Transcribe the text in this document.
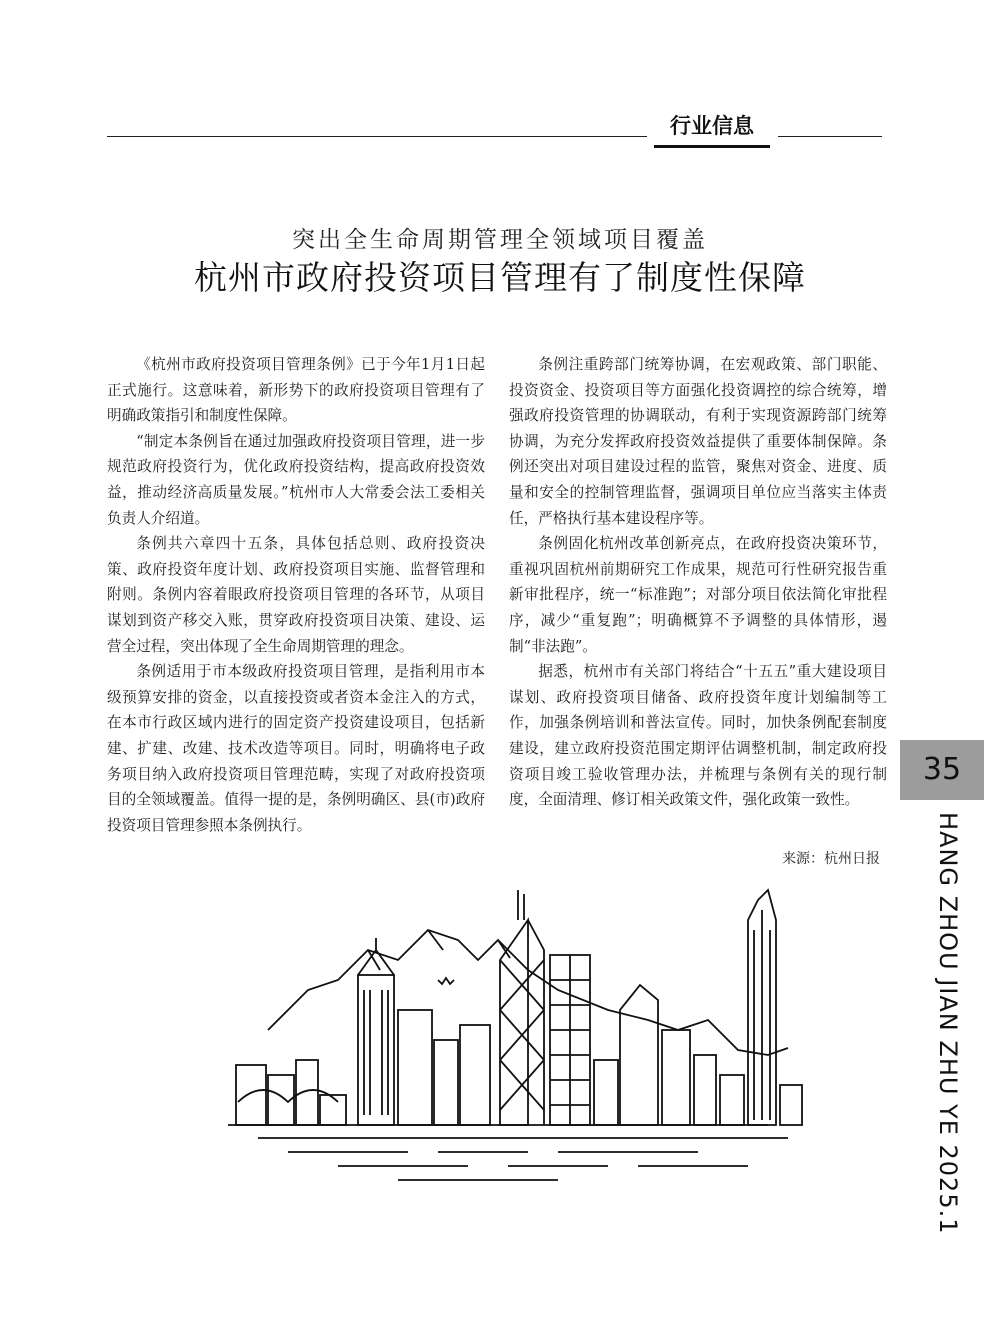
行业信息
突出全生命周期管理全领域项目覆盖
杭州市政府投资项目管理有了制度性保障

《杭州市政府投资项目管理条例》已于今年1月1日起正式施行。这意味着，新形势下的政府投资项目管理有了明确政策指引和制度性保障。

“制定本条例旨在通过加强政府投资项目管理，进一步规范政府投资行为，优化政府投资结构，提高政府投资效益，推动经济高质量发展。”杭州市人大常委会法工委相关负责人介绍道。

条例共六章四十五条，具体包括总则、政府投资决策、政府投资年度计划、政府投资项目实施、监督管理和附则。条例内容着眼政府投资项目管理的各环节，从项目谋划到资产移交入账，贯穿政府投资项目决策、建设、运营全过程，突出体现了全生命周期管理的理念。

条例适用于市本级政府投资项目管理，是指利用市本级预算安排的资金，以直接投资或者资本金注入的方式，在本市行政区域内进行的固定资产投资建设项目，包括新建、扩建、改建、技术改造等项目。同时，明确将电子政务项目纳入政府投资项目管理范畴，实现了对政府投资项目的全领域覆盖。值得一提的是，条例明确区、县(市)政府投资项目管理参照本条例执行。

条例注重跨部门统筹协调，在宏观政策、部门职能、投资资金、投资项目等方面强化投资调控的综合统筹，增强政府投资管理的协调联动，有利于实现资源跨部门统筹协调，为充分发挥政府投资效益提供了重要体制保障。条例还突出对项目建设过程的监管，聚焦对资金、进度、质量和安全的控制管理监督，强调项目单位应当落实主体责任，严格执行基本建设程序等。

条例固化杭州改革创新亮点，在政府投资决策环节，重视巩固杭州前期研究工作成果，规范可行性研究报告重新审批程序，统一“标准跑”；对部分项目依法简化审批程序，减少“重复跑”；明确概算不予调整的具体情形，遏制“非法跑”。

据悉，杭州市有关部门将结合“十五五”重大建设项目谋划、政府投资项目储备、政府投资年度计划编制等工作，加强条例培训和普法宣传。同时，加快条例配套制度建设，建立政府投资范围定期评估调整机制，制定政府投资项目竣工验收管理办法，并梳理与条例有关的现行制度，全面清理、修订相关政策文件，强化政策一致性。

来源：杭州日报
35
HANG ZHOU JIAN ZHU YE 2025.1
